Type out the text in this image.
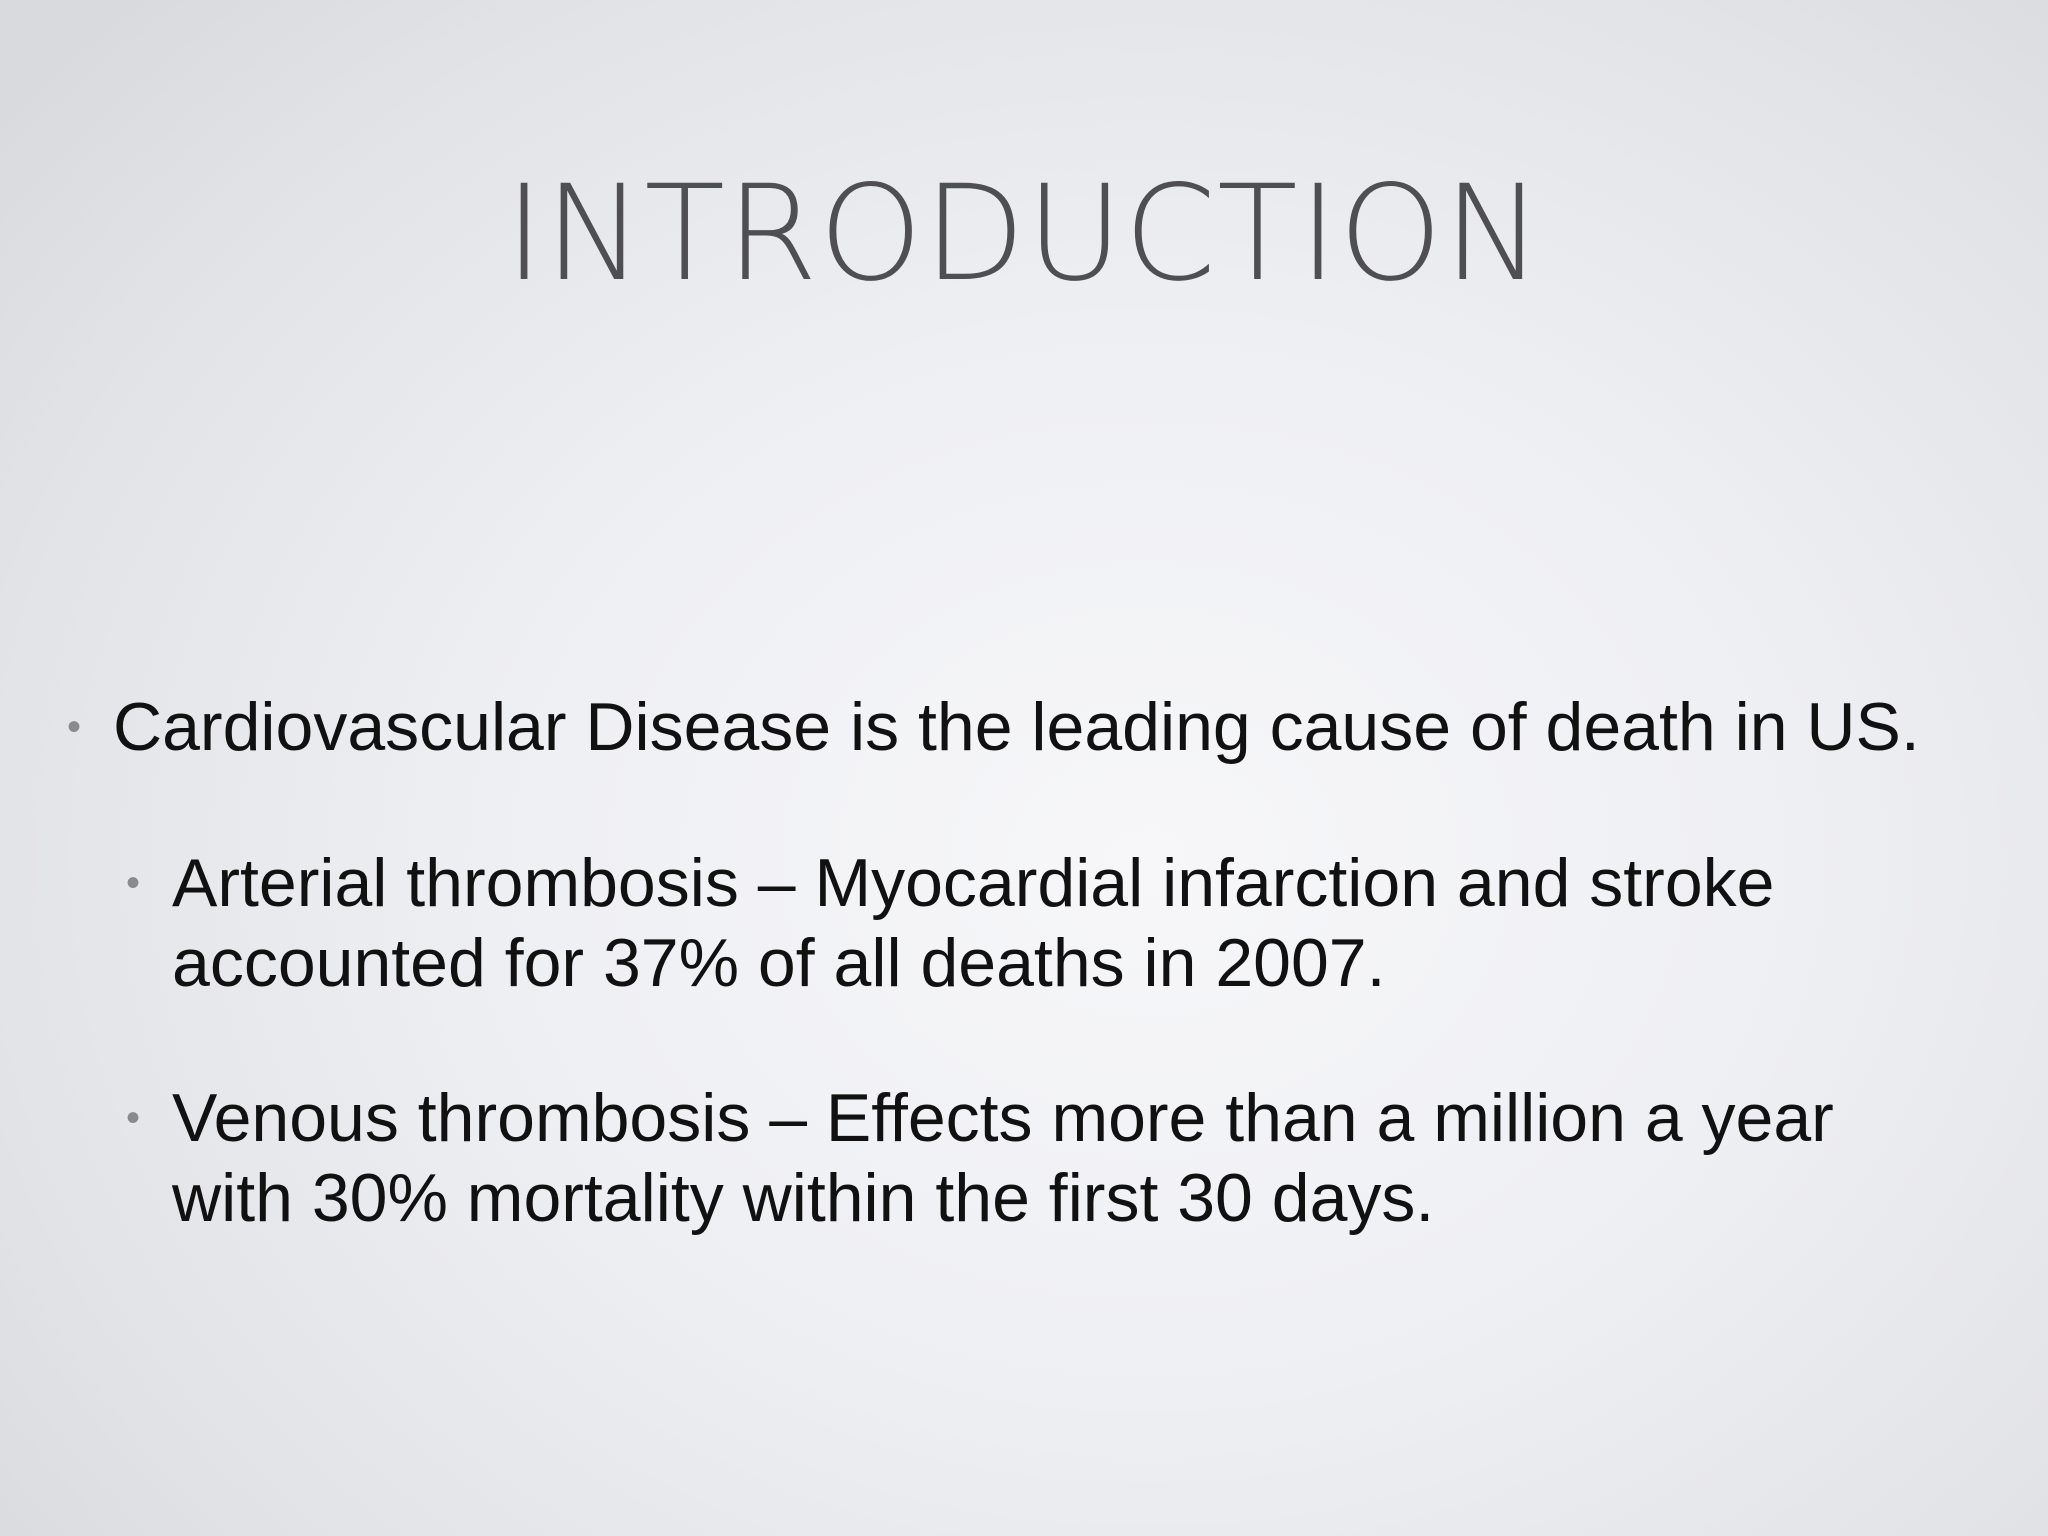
INTRODUCTION
• Cardiovascular Disease is the leading cause of death in US.
• Arterial thrombosis – Myocardial infarction and stroke
accounted for 37% of all deaths in 2007.
• Venous thrombosis – Effects more than a million a year
with 30% mortality within the first 30 days.
